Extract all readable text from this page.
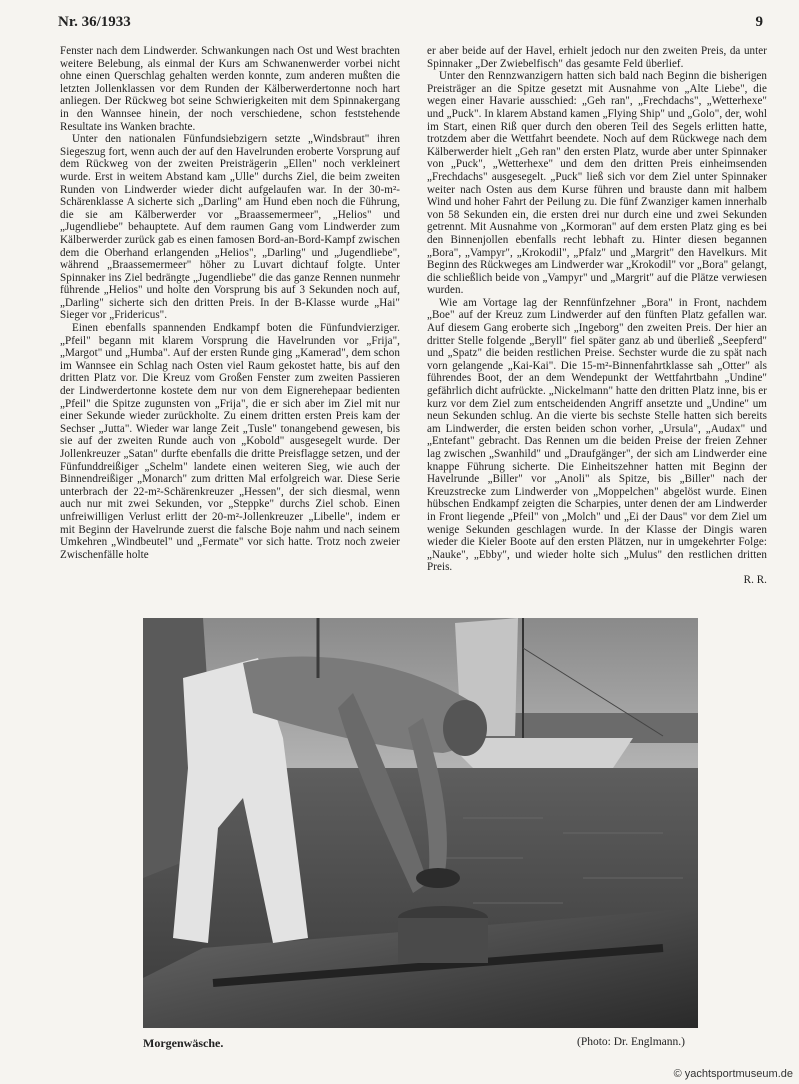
Nr. 36/1933	9

Fenster nach dem Lindwerder. Schwankungen nach Ost und West brachten weitere Belebung, als einmal der Kurs am Schwanenwerder vorbei nicht ohne einen Querschlag gehalten werden konnte, zum anderen mußten die letzten Jollenklassen vor dem Runden der Kälberwerdertonne noch hart anliegen. Der Rückweg bot seine Schwierigkeiten mit dem Spinnakergang in den Wannsee hinein, der noch verschiedene, schon feststehende Resultate ins Wanken brachte.

Unter den nationalen Fünfundsiebzigern setzte „Windsbraut" ihren Siegeszug fort, wenn auch der auf den Havelrunden eroberte Vorsprung auf dem Rückweg von der zweiten Preisträgerin „Ellen" noch verkleinert wurde. Erst in weitem Abstand kam „Ulle" durchs Ziel, die beim zweiten Runden von Lindwerder wieder dicht aufgelaufen war. In der 30-m²-Schärenklasse A sicherte sich „Darling" am Hund eben noch die Führung, die sie am Kälberwerder vor „Braassemermeer", „Helios" und „Jugendliebe" behauptete. Auf dem raumen Gang vom Lindwerder zum Kälberwerder zurück gab es einen famosen Bord-an-Bord-Kampf zwischen dem die Oberhand erlangenden „Helios", „Darling" und „Jugendliebe", während „Braassemermeer" höher zu Luvart dichtauf folgte. Unter Spinnaker ins Ziel bedrängte „Jugendliebe" die das ganze Rennen nunmehr führende „Helios" und holte den Vorsprung bis auf 3 Sekunden noch auf, „Darling" sicherte sich den dritten Preis. In der B-Klasse wurde „Hai" Sieger vor „Fridericus".

Einen ebenfalls spannenden Endkampf boten die Fünfundvierziger. „Pfeil" begann mit klarem Vorsprung die Havelrunden vor „Frija", „Margot" und „Humba". Auf der ersten Runde ging „Kamerad", dem schon im Wannsee ein Schlag nach Osten viel Raum gekostet hatte, bis auf den dritten Platz vor. Die Kreuz vom Großen Fenster zum zweiten Passieren der Lindwerdertonne kostete dem nur von dem Eignerehepaar bedienten „Pfeil" die Spitze zugunsten von „Frija", die er sich aber im Ziel mit nur einer Sekunde wieder zurückholte. Zu einem dritten ersten Preis kam der Sechser „Jutta". Wieder war lange Zeit „Tusle" tonangebend gewesen, bis sie auf der zweiten Runde auch von „Kobold" ausgesegelt wurde. Der Jollenkreuzer „Satan" durfte ebenfalls die dritte Preisflagge setzen, und der Fünfunddreißiger „Schelm" landete einen weiteren Sieg, wie auch der Binnendreißiger „Monarch" zum dritten Mal erfolgreich war. Diese Serie unterbrach der 22-m²-Schärenkreuzer „Hessen", der sich diesmal, wenn auch nur mit zwei Sekunden, vor „Steppke" durchs Ziel schob. Einen unfreiwilligen Verlust erlitt der 20-m²-Jollenkreuzer „Libelle", indem er mit Beginn der Havelrunde zuerst die falsche Boje nahm und nach seinem Umkehren „Windbeutel" und „Fermate" vor sich hatte. Trotz noch zweier Zwischenfälle holte

er aber beide auf der Havel, erhielt jedoch nur den zweiten Preis, da unter Spinnaker „Der Zwiebelfisch" das gesamte Feld überlief.

Unter den Rennzwanzigern hatten sich bald nach Beginn die bisherigen Preisträger an die Spitze gesetzt mit Ausnahme von „Alte Liebe", die wegen einer Havarie ausschied: „Geh ran", „Frechdachs", „Wetterhexe" und „Puck". In klarem Abstand kamen „Flying Ship" und „Golo", der, wohl im Start, einen Riß quer durch den oberen Teil des Segels erlitten hatte, trotzdem aber die Wettfahrt beendete. Noch auf dem Rückwege nach dem Kälberwerder hielt „Geh ran" den ersten Platz, wurde aber unter Spinnaker von „Puck", „Wetterhexe" und dem den dritten Preis einheimsenden „Frechdachs" ausgesegelt. „Puck" ließ sich vor dem Ziel unter Spinnaker weiter nach Osten aus dem Kurse führen und brauste dann mit halbem Wind und hoher Fahrt der Peilung zu. Die fünf Zwanziger kamen innerhalb von 58 Sekunden ein, die ersten drei nur durch eine und zwei Sekunden getrennt. Mit Ausnahme von „Kormoran" auf dem ersten Platz ging es bei den Binnenjollen ebenfalls recht lebhaft zu. Hinter diesen begannen „Bora", „Vampyr", „Krokodil", „Pfalz" und „Margrit" den Havelkurs. Mit Beginn des Rückweges am Lindwerder war „Krokodil" vor „Bora" gelangt, die schließlich beide von „Vampyr" und „Margrit" auf die Plätze verwiesen wurden.

Wie am Vortage lag der Rennfünfzehner „Bora" in Front, nachdem „Boe" auf der Kreuz zum Lindwerder auf den fünften Platz gefallen war. Auf diesem Gang eroberte sich „Ingeborg" den zweiten Preis. Der hier an dritter Stelle folgende „Beryll" fiel später ganz ab und überließ „Seepferd" und „Spatz" die beiden restlichen Preise. Sechster wurde die zu spät nach vorn gelangende „Kai-Kai". Die 15-m²-Binnenfahrtklasse sah „Otter" als führendes Boot, der an dem Wendepunkt der Wettfahrtbahn „Undine" gefährlich dicht aufrückte. „Nickelmann" hatte den dritten Platz inne, bis er kurz vor dem Ziel zum entscheidenden Angriff ansetzte und „Undine" um neun Sekunden schlug. An die vierte bis sechste Stelle hatten sich bereits am Lindwerder, die ersten beiden schon vorher, „Ursula", „Audax" und „Entefant" gebracht. Das Rennen um die beiden Preise der freien Zehner lag zwischen „Swanhild" und „Draufgänger", der sich am Lindwerder eine knappe Führung sicherte. Die Einheitszehner hatten mit Beginn der Havelrunde „Biller" vor „Anoli" als Spitze, bis „Biller" nach der Kreuzstrecke zum Lindwerder von „Moppelchen" abgelöst wurde. Einen hübschen Endkampf zeigten die Scharpies, unter denen der am Lindwerder in Front liegende „Pfeil" von „Molch" und „Ei der Daus" vor dem Ziel um wenige Sekunden geschlagen wurde. In der Klasse der Dingis waren wieder die Kieler Boote auf den ersten Plätzen, nur in umgekehrter Folge: „Nauke", „Ebby", und wieder holte sich „Mulus" den restlichen dritten Preis.

R. R.

Morgenwäsche.	(Photo: Dr. Englmann.)
© yachtsportmuseum.de
